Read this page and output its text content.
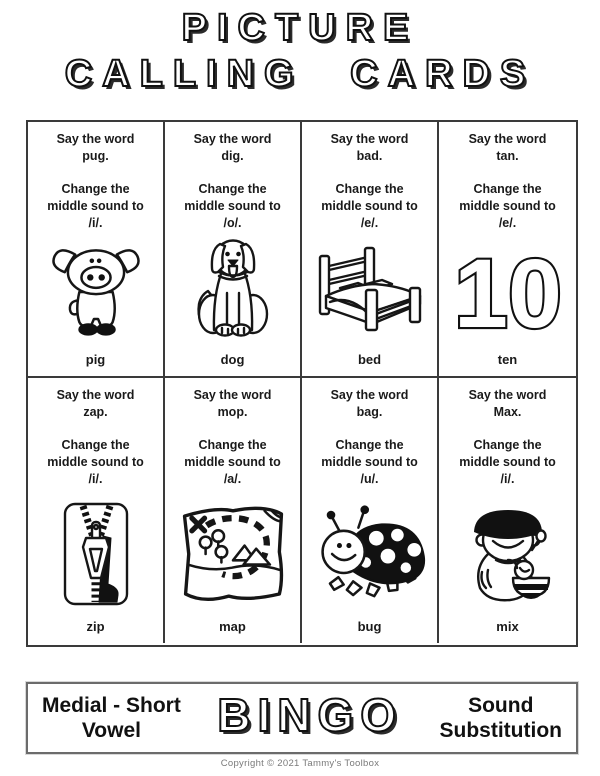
PICTURE
CALLING CARDS
Say the word
pug.
Change the
middle sound to
/i/.
pig
Say the word
dig.
Change the
middle sound to
/o/.
dog
Say the word
bad.
Change the
middle sound to
/e/.
bed
Say the word
tan.
Change the
middle sound to
/e/.
10
ten
Say the word
zap.
Change the
middle sound to
/i/.
zip
Say the word
mop.
Change the
middle sound to
/a/.
map
Say the word
bag.
Change the
middle sound to
/u/.
bug
Say the word
Max.
Change the
middle sound to
/i/.
mix
Medial - Short
Vowel	BINGO	Sound
Substitution
Copyright © 2021 Tammy's Toolbox
